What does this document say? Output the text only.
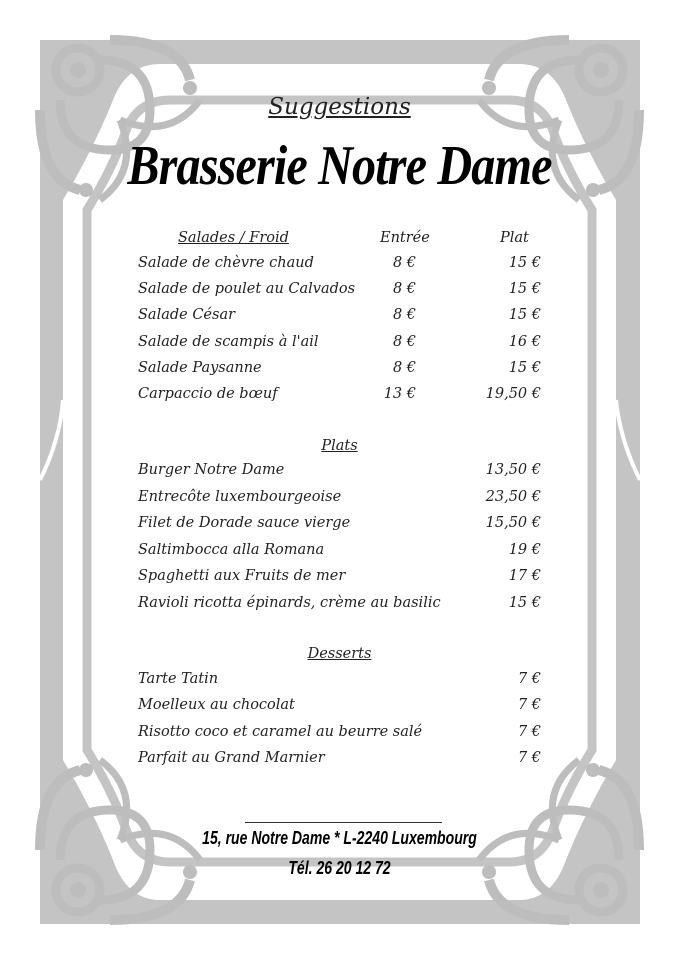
Suggestions
Brasserie Notre Dame
Salades / Froid	Entrée	Plat
Salade de chèvre chaud	8 €	15 €
Salade de poulet au Calvados	8 €	15 €
Salade César	8 €	15 €
Salade de scampis à l'ail	8 €	16 €
Salade Paysanne	8 €	15 €
Carpaccio de bœuf	13 €	19,50 €
Plats
Burger Notre Dame	13,50 €
Entrecôte luxembourgeoise	23,50 €
Filet de Dorade sauce vierge	15,50 €
Saltimbocca alla Romana	19 €
Spaghetti aux Fruits de mer	17 €
Ravioli ricotta épinards, crème au basilic	15 €
Desserts
Tarte Tatin	7 €
Moelleux au chocolat	7 €
Risotto coco et caramel au beurre salé	7 €
Parfait au Grand Marnier	7 €
15, rue Notre Dame * L-2240 Luxembourg
Tél. 26 20 12 72
